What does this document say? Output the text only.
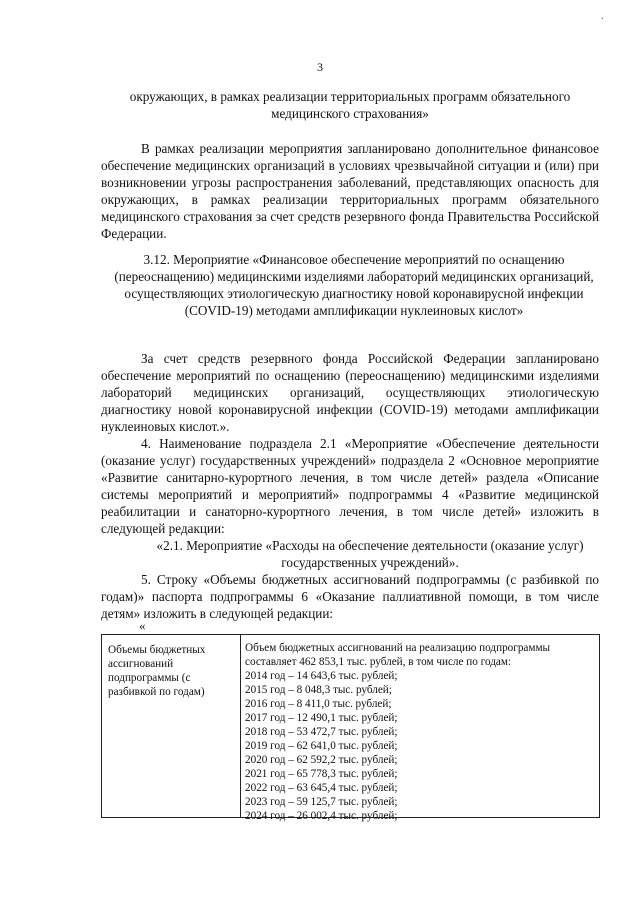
·
3
окружающих, в рамках реализации территориальных программ обязательного медицинского страхования»
В рамках реализации мероприятия запланировано дополнительное финансовое обеспечение медицинских организаций в условиях чрезвычайной ситуации и (или) при возникновении угрозы распространения заболеваний, представляющих опасность для окружающих, в рамках реализации территориальных программ обязательного медицинского страхования за счет средств резервного фонда Правительства Российской Федерации.
3.12. Мероприятие «Финансовое обеспечение мероприятий по оснащению (переоснащению) медицинскими изделиями лабораторий медицинских организаций, осуществляющих этиологическую диагностику новой коронавирусной инфекции (COVID-19) методами амплификации нуклеиновых кислот»
За счет средств резервного фонда Российской Федерации запланировано обеспечение мероприятий по оснащению (переоснащению) медицинскими изделиями лабораторий медицинских организаций, осуществляющих этиологическую диагностику новой коронавирусной инфекции (COVID-19) методами амплификации нуклеиновых кислот.».
4. Наименование подраздела 2.1 «Мероприятие «Обеспечение деятельности (оказание услуг) государственных учреждений» подраздела 2 «Основное мероприятие «Развитие санитарно-курортного лечения, в том числе детей» раздела «Описание системы мероприятий и мероприятий» подпрограммы 4 «Развитие медицинской реабилитации и санаторно-курортного лечения, в том числе детей» изложить в следующей редакции:
«2.1. Мероприятие «Расходы на обеспечение деятельности (оказание услуг) государственных учреждений».
5. Строку «Объемы бюджетных ассигнований подпрограммы (с разбивкой по годам)» паспорта подпрограммы 6 «Оказание паллиативной помощи, в том числе детям» изложить в следующей редакции:
«
Объемы бюджетных ассигнований подпрограммы (с разбивкой по годам)
Объем бюджетных ассигнований на реализацию подпрограммы составляет 462 853,1 тыс. рублей, в том числе по годам:
2014 год – 14 643,6 тыс. рублей;
2015 год – 8 048,3 тыс. рублей;
2016 год – 8 411,0 тыс. рублей;
2017 год – 12 490,1 тыс. рублей;
2018 год – 53 472,7 тыс. рублей;
2019 год – 62 641,0 тыс. рублей;
2020 год – 62 592,2 тыс. рублей;
2021 год – 65 778,3 тыс. рублей;
2022 год – 63 645,4 тыс. рублей;
2023 год – 59 125,7 тыс. рублей;
2024 год – 26 002,4 тыс. рублей;
